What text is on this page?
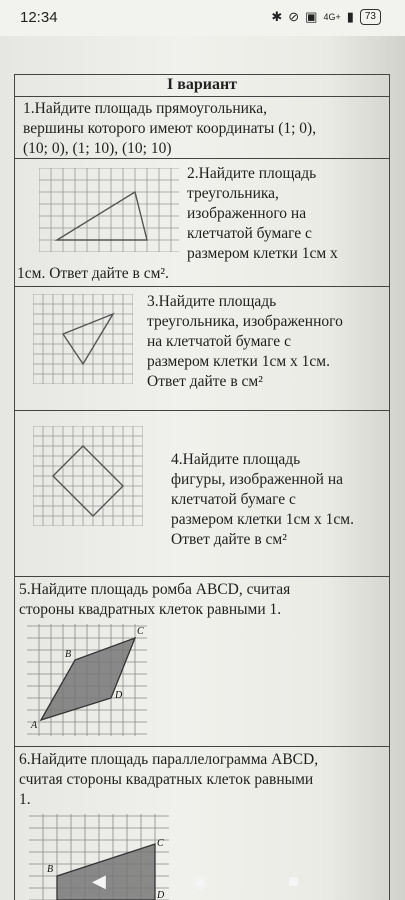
12:34	✱ ⊘ ▣ 4G+ ▮	73
I вариант
1.Найдите площадь прямоугольника,
вершины которого имеют координаты (1; 0),
(10; 0), (1; 10), (10; 10)
2.Найдите площадь
треугольника,
изображенного на
клетчатой бумаге с
размером клетки 1см х
1см. Ответ дайте в см².
3.Найдите площадь
треугольника, изображенного
на клетчатой бумаге с
размером клетки 1см х 1см.
Ответ дайте в см²
4.Найдите площадь
фигуры, изображенной на
клетчатой бумаге с
размером клетки 1см х 1см.
Ответ дайте в см²
5.Найдите площадь ромба ABCD, считая
стороны квадратных клеток равными 1.
A
B
C
D
6.Найдите площадь параллелограмма ABCD,
считая стороны квадратных клеток равными
1.
B
C
D
◀	◉	■
